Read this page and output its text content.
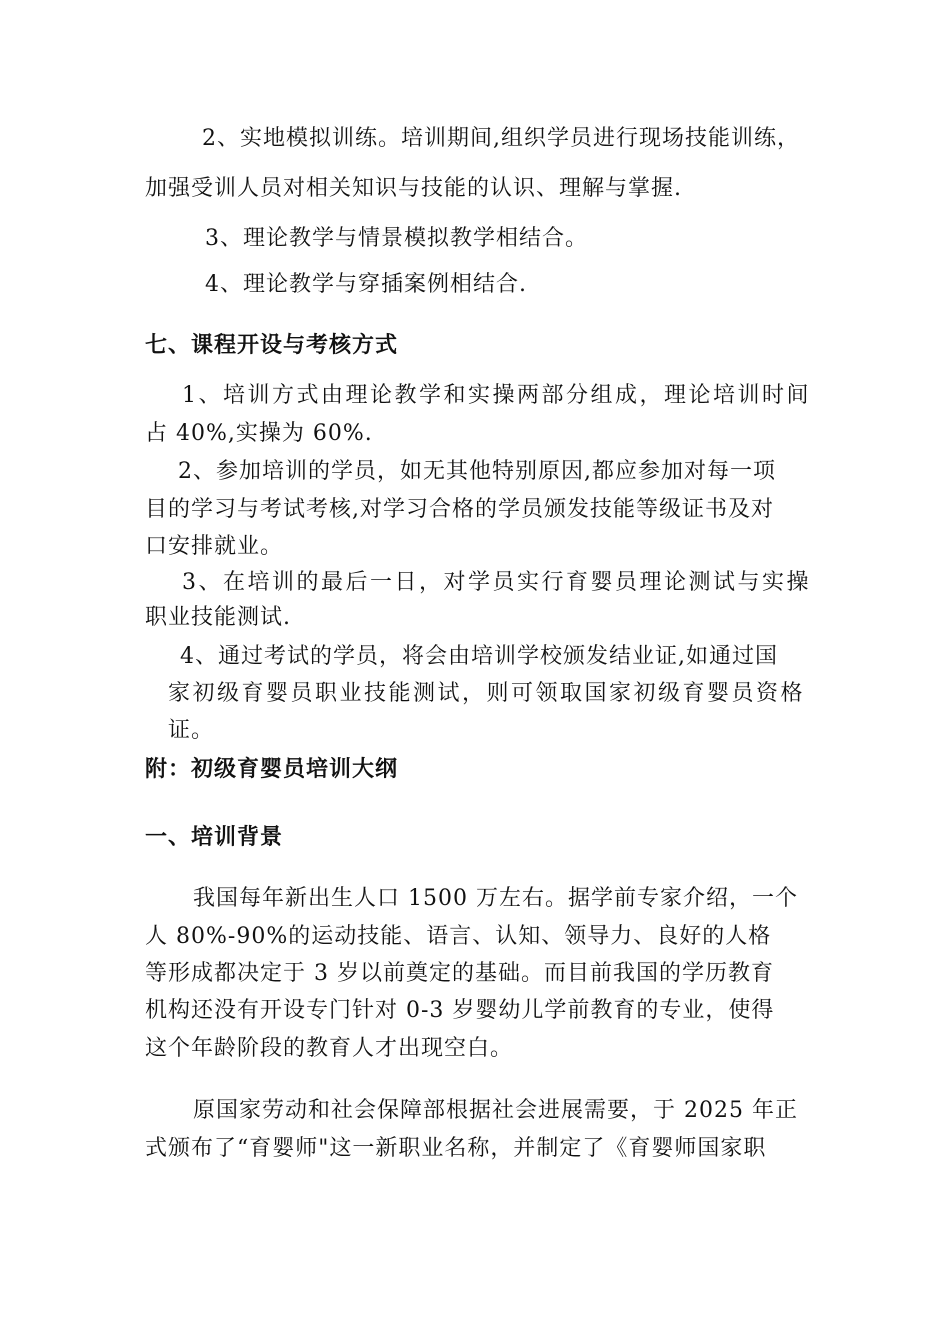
2、实地模拟训练。培训期间,组织学员进行现场技能训练，
加强受训人员对相关知识与技能的认识、理解与掌握.
3、理论教学与情景模拟教学相结合。
4、理论教学与穿插案例相结合.
七、课程开设与考核方式
1、培训方式由理论教学和实操两部分组成，理论培训时间
占 40%,实操为 60%.
2、参加培训的学员，如无其他特别原因,都应参加对每一项
目的学习与考试考核,对学习合格的学员颁发技能等级证书及对
口安排就业。
3、在培训的最后一日，对学员实行育婴员理论测试与实操
职业技能测试.
4、通过考试的学员，将会由培训学校颁发结业证,如通过国
家初级育婴员职业技能测试，则可领取国家初级育婴员资格
证。
附：初级育婴员培训大纲
一、培训背景
我国每年新出生人口 1500 万左右。据学前专家介绍，一个
人 80%-90%的运动技能、语言、认知、领导力、良好的人格
等形成都决定于 3 岁以前奠定的基础。而目前我国的学历教育
机构还没有开设专门针对 0-3 岁婴幼儿学前教育的专业，使得
这个年龄阶段的教育人才出现空白。
原国家劳动和社会保障部根据社会进展需要，于 2025 年正
式颁布了“育婴师"这一新职业名称，并制定了《育婴师国家职
